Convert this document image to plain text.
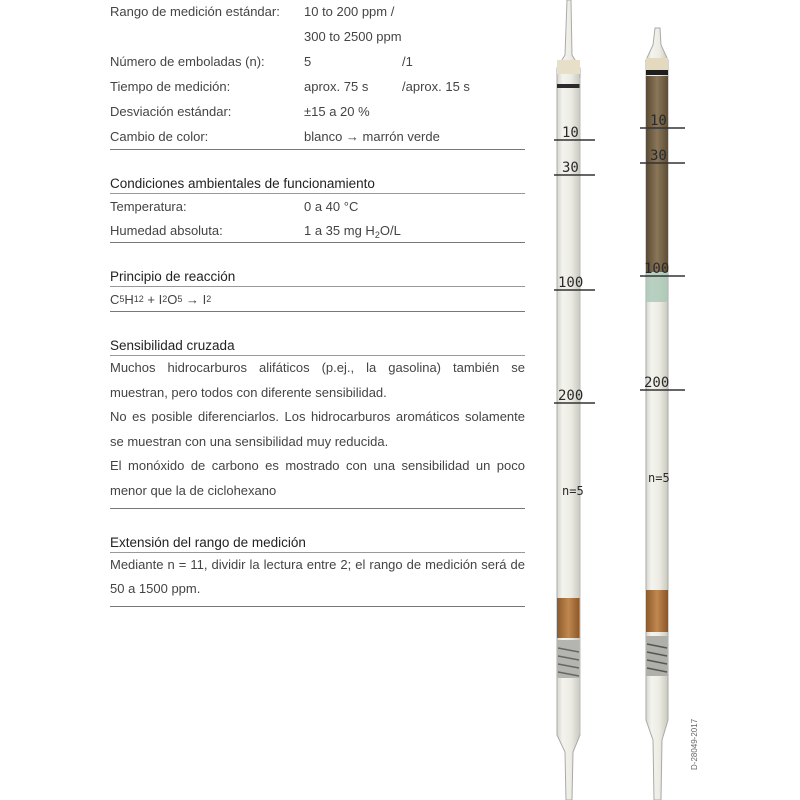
Rango de medición estándar:	10 to 200 ppm /
300 to 2500 ppm
Número de emboladas (n):	5	/1
Tiempo de medición:	aprox. 75 s	/aprox. 15 s
Desviación estándar:	±15 a 20 %
Cambio de color:	blanco → marrón verde
Condiciones ambientales de funcionamiento
Temperatura:	0 a 40 °C
Humedad absoluta:	1 a 35 mg $H_2O/L$
Principio de reacción
C 5 H 12 + I 2 O 5 → I 2
Sensibilidad cruzada

Muchos hidrocarburos alifáticos (p.ej., la gasolina) también se muestran, pero todos con diferente sensibilidad.

No es posible diferenciarlos. Los hidrocarburos aromáticos solamente se muestran con una sensibilidad muy reducida.

El monóxido de carbono es mostrado con una sensibilidad un poco menor que la de ciclohexano

Extensión del rango de medición

Mediante n = 11, dividir la lectura entre 2; el rango de medición será de 50 a 1500 ppm.

10
30
100
200
n=5
10
30
100
200
n=5
D-28049-2017
